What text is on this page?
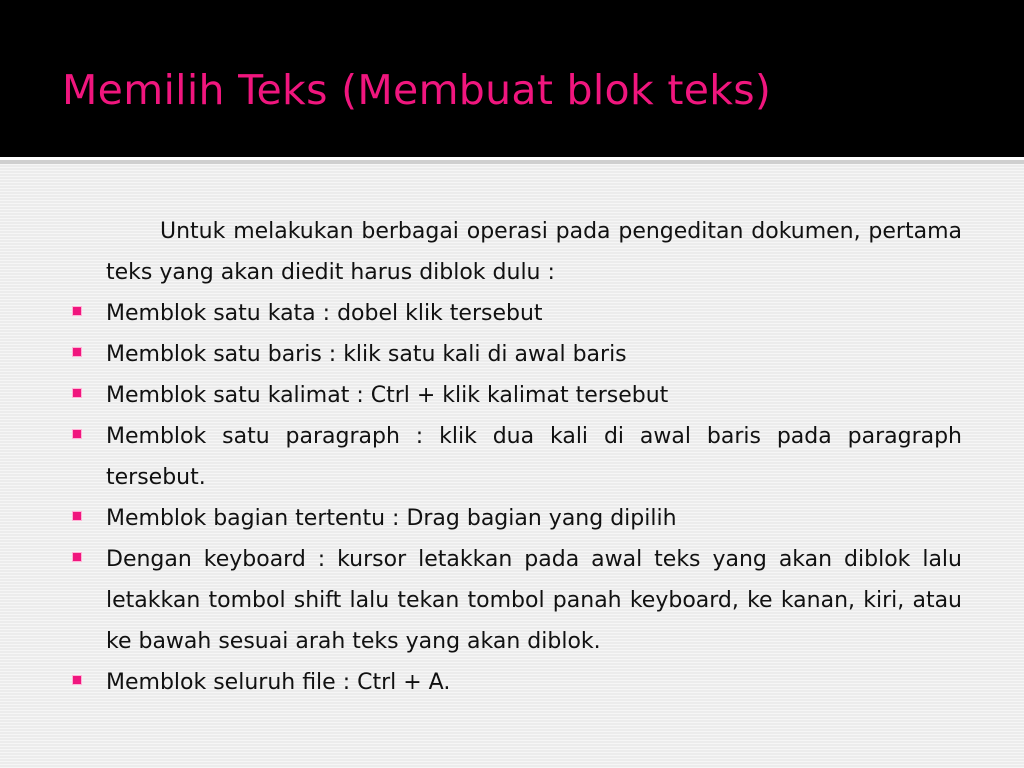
Memilih Teks (Membuat blok teks)

Untuk melakukan berbagai operasi pada pengeditan dokumen, pertama teks yang akan diedit harus diblok dulu :

Memblok satu kata : dobel klik tersebut
Memblok satu baris : klik satu kali di awal baris
Memblok satu kalimat : Ctrl + klik kalimat tersebut
Memblok satu paragraph : klik dua kali di awal baris pada paragraph tersebut.
Memblok bagian tertentu : Drag bagian yang dipilih
Dengan keyboard : kursor letakkan pada awal teks yang akan diblok lalu letakkan tombol shift lalu tekan tombol panah keyboard, ke kanan, kiri, atau ke bawah sesuai arah teks yang akan diblok.
Memblok seluruh file : Ctrl + A.
